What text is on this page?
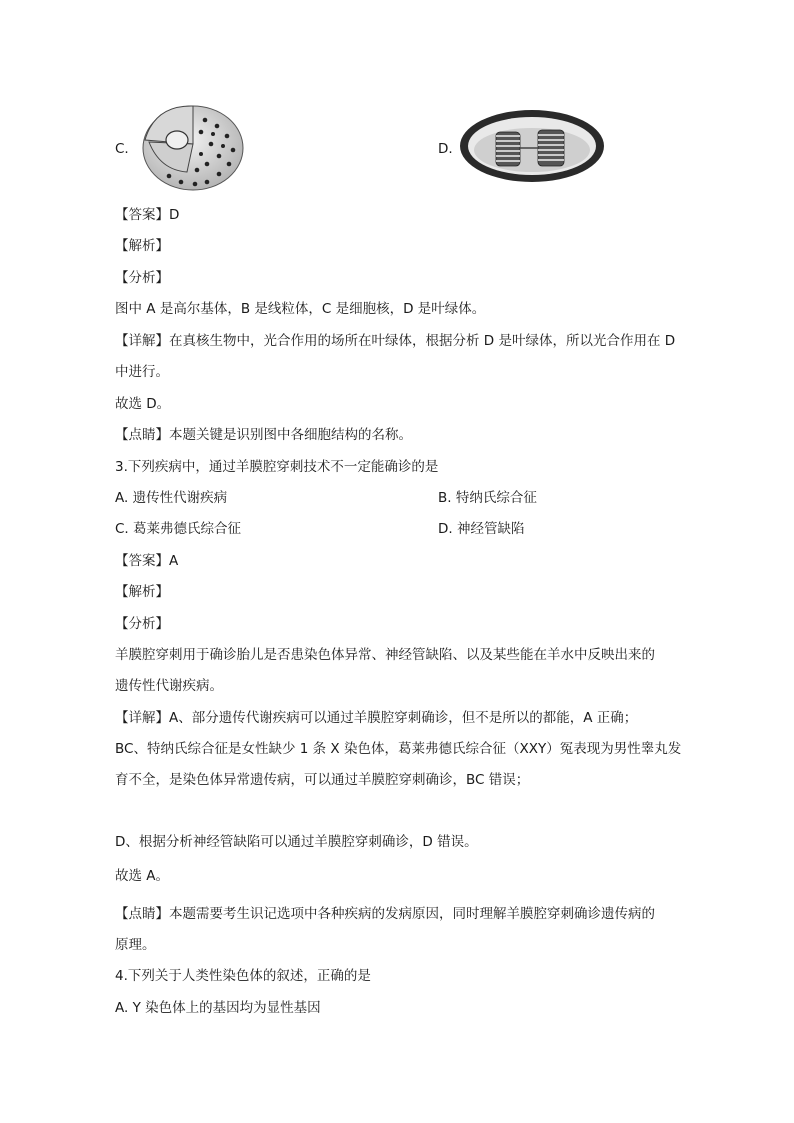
C.	D.
【答案】D
【解析】
【分析】
图中 A 是高尔基体，B 是线粒体，C 是细胞核，D 是叶绿体。
【详解】在真核生物中，光合作用的场所在叶绿体，根据分析 D 是叶绿体，所以光合作用在 D
中进行。
故选 D。
【点睛】本题关键是识别图中各细胞结构的名称。
3.下列疾病中，通过羊膜腔穿刺技术不一定能确诊的是
A. 遗传性代谢疾病	B. 特纳氏综合征
C. 葛莱弗德氏综合征	D. 神经管缺陷
【答案】A
【解析】
【分析】
羊膜腔穿刺用于确诊胎儿是否患染色体异常、神经管缺陷、以及某些能在羊水中反映出来的
遗传性代谢疾病。
【详解】A、部分遗传代谢疾病可以通过羊膜腔穿刺确诊，但不是所以的都能，A 正确；
BC、特纳氏综合征是女性缺少 1 条 X 染色体，葛莱弗德氏综合征（XXY）冤表现为男性睾丸发
育不全，是染色体异常遗传病，可以通过羊膜腔穿刺确诊，BC 错误；
D、根据分析神经管缺陷可以通过羊膜腔穿刺确诊，D 错误。
故选 A。
【点睛】本题需要考生识记选项中各种疾病的发病原因，同时理解羊膜腔穿刺确诊遗传病的
原理。
4.下列关于人类性染色体的叙述，正确的是
A. Y 染色体上的基因均为显性基因
